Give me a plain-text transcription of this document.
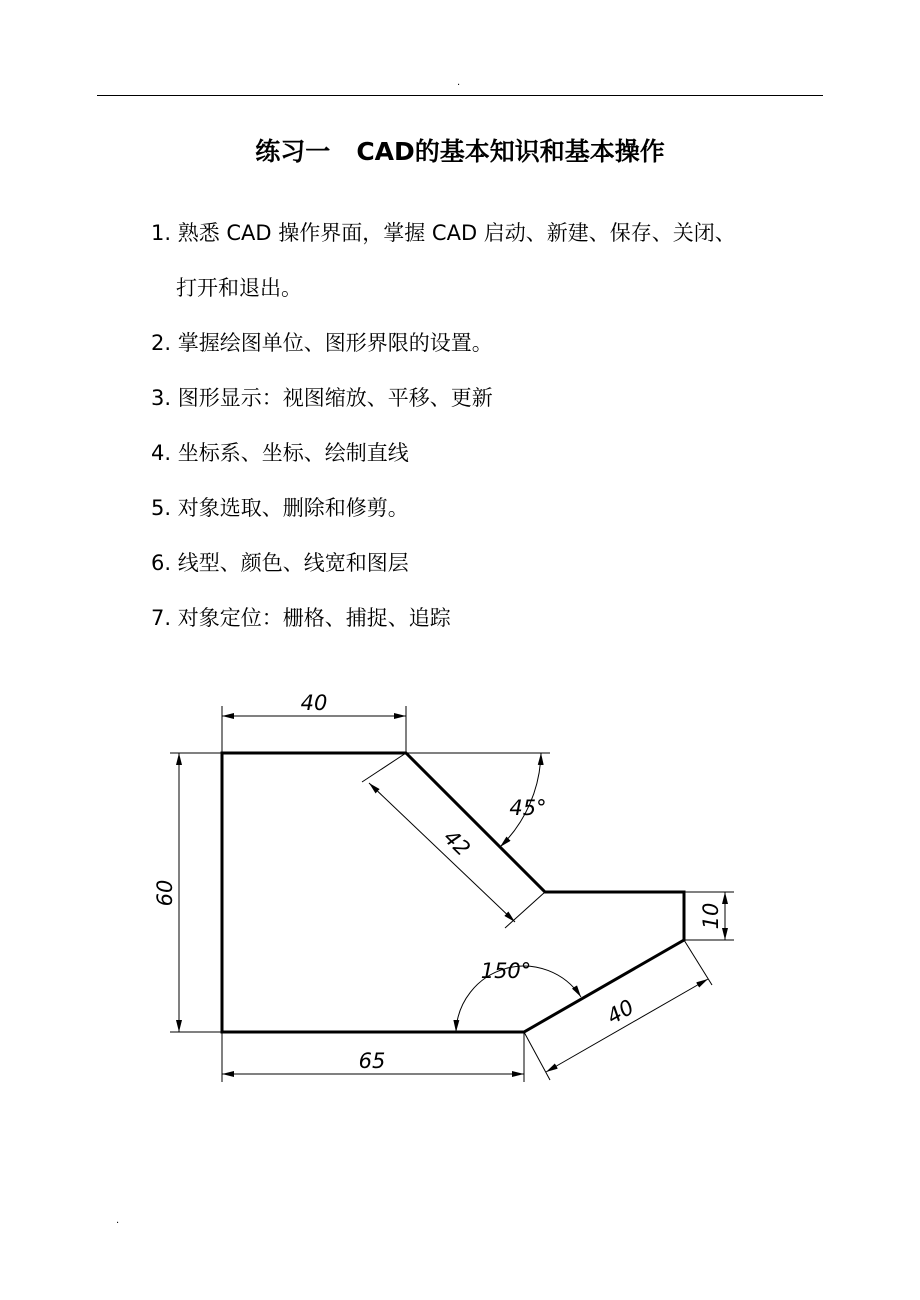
.
练习一   CAD的基本知识和基本操作
1. 熟悉 CAD 操作界面，掌握 CAD 启动、新建、保存、关闭、
打开和退出。
2. 掌握绘图单位、图形界限的设置。
3. 图形显示：视图缩放、平移、更新
4. 坐标系、坐标、绘制直线
5. 对象选取、删除和修剪。
6. 线型、颜色、线宽和图层
7. 对象定位：栅格、捕捉、追踪
40
60
65
42
45°
10
40
150°
.
